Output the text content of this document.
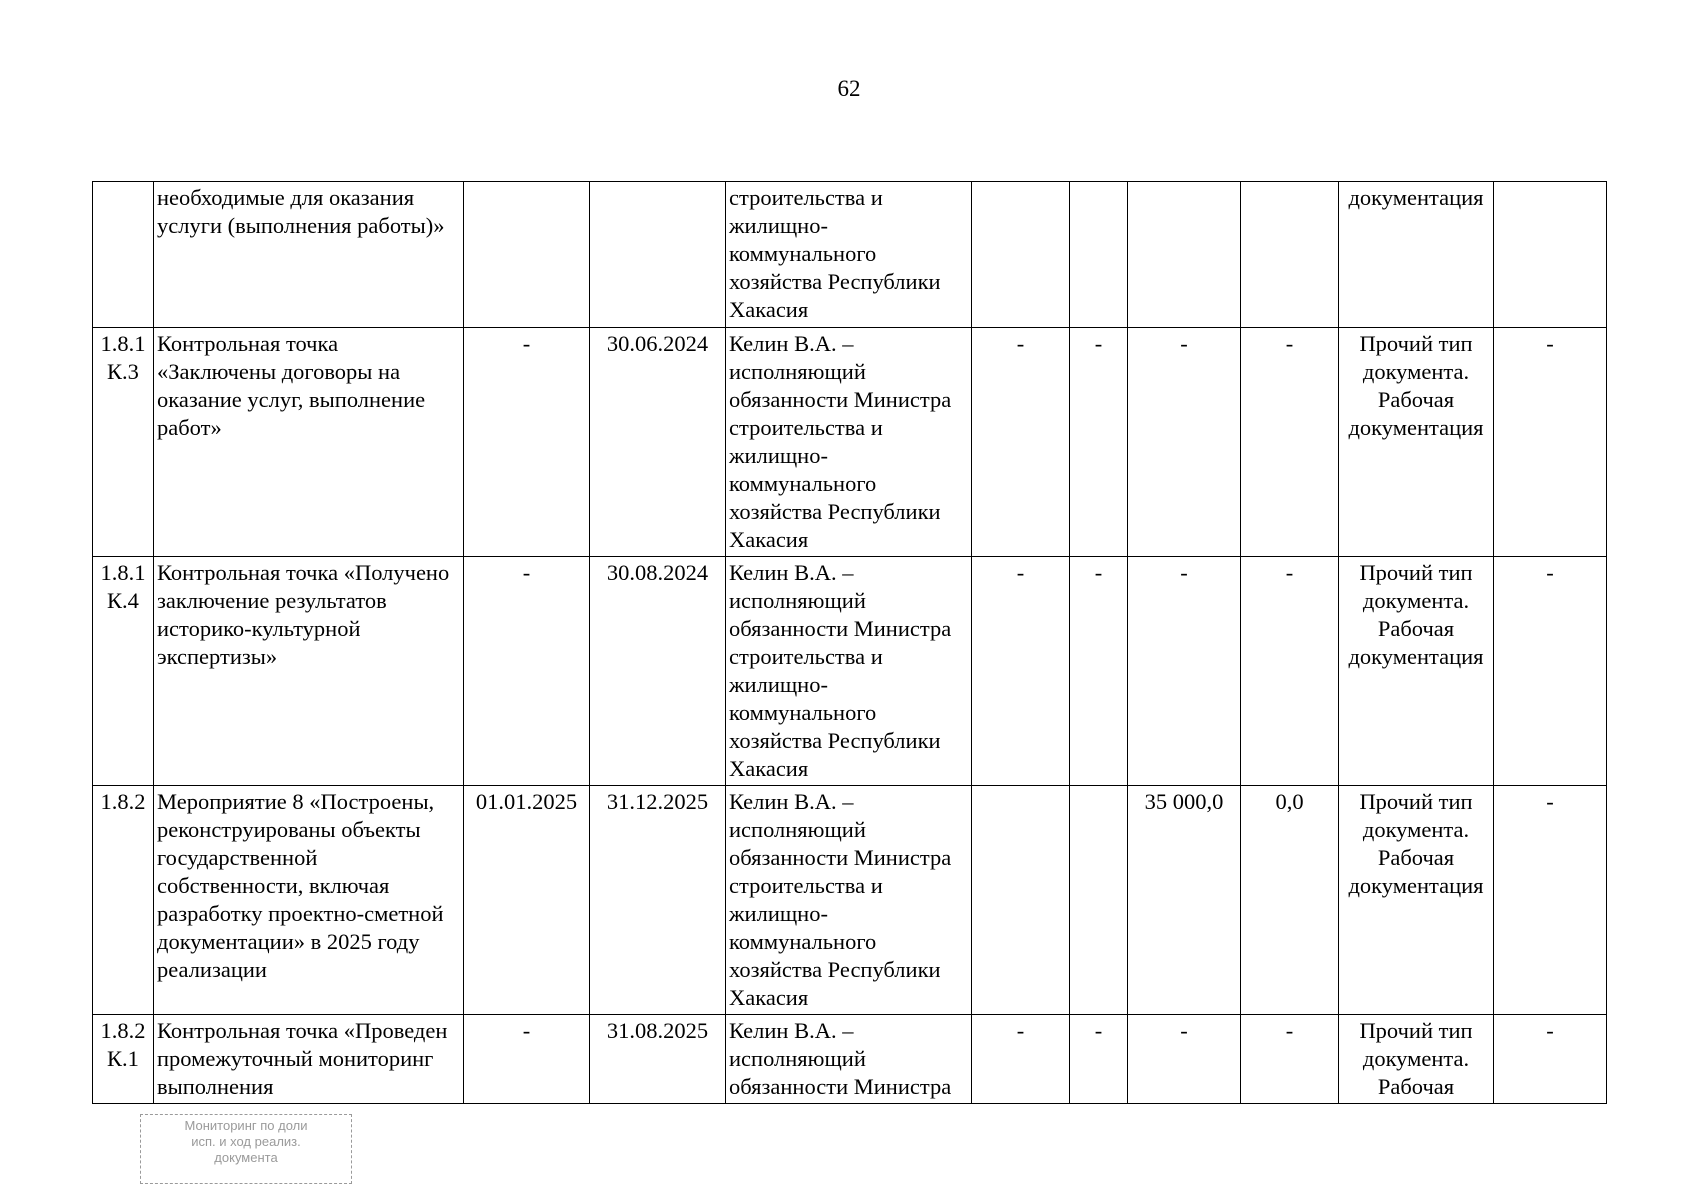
62
	необходимые для оказания услуги (выполнения работы)»			строительства и жилищно-коммунального хозяйства Республики Хакасия					документация	
1.8.1 К.3	Контрольная точка «Заключены договоры на оказание услуг, выполнение работ»	-	30.06.2024	Келин В.А. – исполняющий обязанности Министра строительства и жилищно-коммунального хозяйства Республики Хакасия	-	-	-	-	Прочий тип документа. Рабочая документация	-
1.8.1 К.4	Контрольная точка «Получено заключение результатов историко-культурной экспертизы»	-	30.08.2024	Келин В.А. – исполняющий обязанности Министра строительства и жилищно-коммунального хозяйства Республики Хакасия	-	-	-	-	Прочий тип документа. Рабочая документация	-
1.8.2	Мероприятие 8 «Построены, реконструированы объекты государственной собственности, включая разработку проектно-сметной документации» в 2025 году реализации	01.01.2025	31.12.2025	Келин В.А. – исполняющий обязанности Министра строительства и жилищно-коммунального хозяйства Республики Хакасия			35 000,0	0,0	Прочий тип документа. Рабочая документация	-
1.8.2 К.1	Контрольная точка «Проведен промежуточный мониторинг выполнения	-	31.08.2025	Келин В.А. – исполняющий обязанности Министра	-	-	-	-	Прочий тип документа. Рабочая	-
Мониторинг по доли
исп. и ход реализ.
документа
